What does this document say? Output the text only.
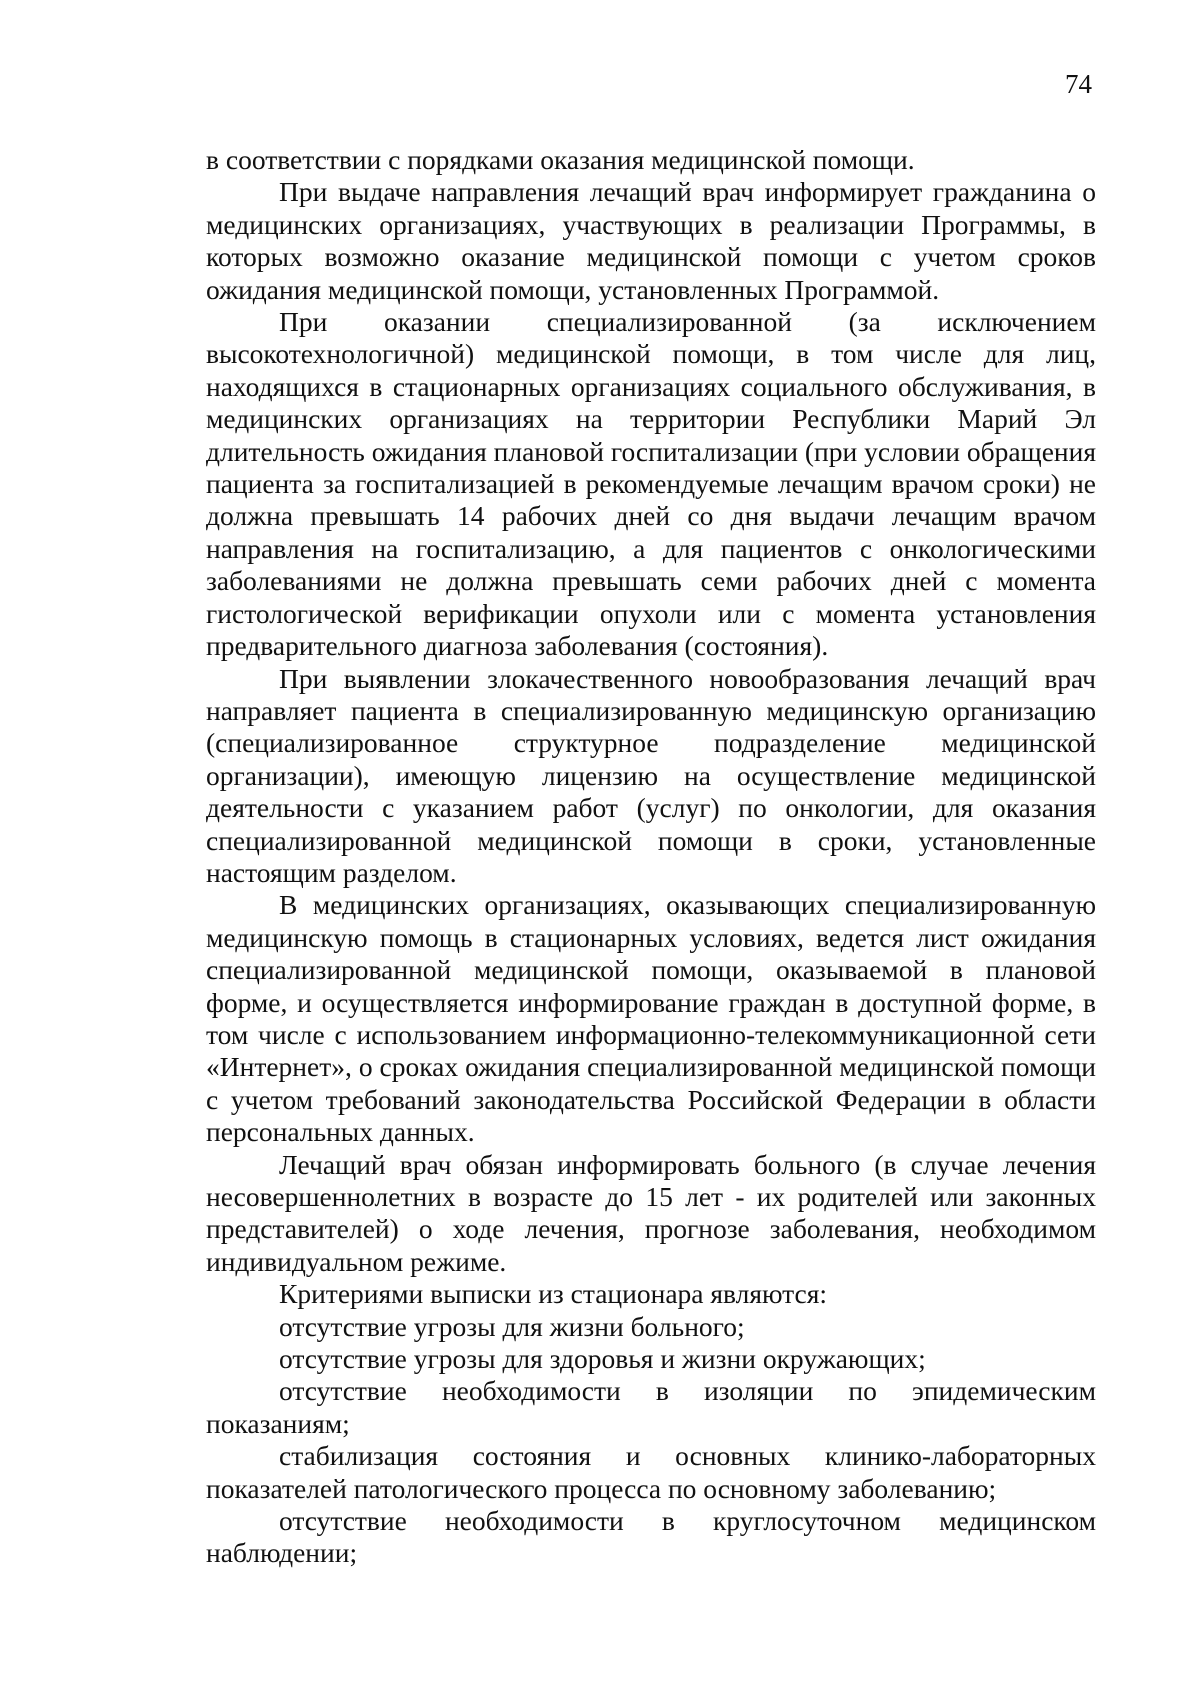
74

в соответствии с порядками оказания медицинской помощи.

При выдаче направления лечащий врач информирует гражданина о медицинских организациях, участвующих в реализации Программы, в которых возможно оказание медицинской помощи с учетом сроков ожидания медицинской помощи, установленных Программой.

При оказании специализированной (за исключением высокотехнологичной) медицинской помощи, в том числе для лиц, находящихся в стационарных организациях социального обслуживания, в медицинских организациях на территории Республики Марий Эл длительность ожидания плановой госпитализации (при условии обращения пациента за госпитализацией в рекомендуемые лечащим врачом сроки) не должна превышать 14 рабочих дней со дня выдачи лечащим врачом направления на госпитализацию, а для пациентов с онкологическими заболеваниями не должна превышать семи рабочих дней с момента гистологической верификации опухоли или с момента установления предварительного диагноза заболевания (состояния).

При выявлении злокачественного новообразования лечащий врач направляет пациента в специализированную медицинскую организацию (специализированное структурное подразделение медицинской организации), имеющую лицензию на осуществление медицинской деятельности с указанием работ (услуг) по онкологии, для оказания специализированной медицинской помощи в сроки, установленные настоящим разделом.

В медицинских организациях, оказывающих специализированную медицинскую помощь в стационарных условиях, ведется лист ожидания специализированной медицинской помощи, оказываемой в плановой форме, и осуществляется информирование граждан в доступной форме, в том числе с использованием информационно-телекоммуникационной сети «Интернет», о сроках ожидания специализированной медицинской помощи с учетом требований законодательства Российской Федерации в области персональных данных.

Лечащий врач обязан информировать больного (в случае лечения несовершеннолетних в возрасте до 15 лет - их родителей или законных представителей) о ходе лечения, прогнозе заболевания, необходимом индивидуальном режиме.

Критериями выписки из стационара являются:

отсутствие угрозы для жизни больного;

отсутствие угрозы для здоровья и жизни окружающих;

отсутствие необходимости в изоляции по эпидемическим показаниям;

стабилизация состояния и основных клинико-лабораторных показателей патологического процесса по основному заболеванию;

отсутствие необходимости в круглосуточном медицинском наблюдении;
